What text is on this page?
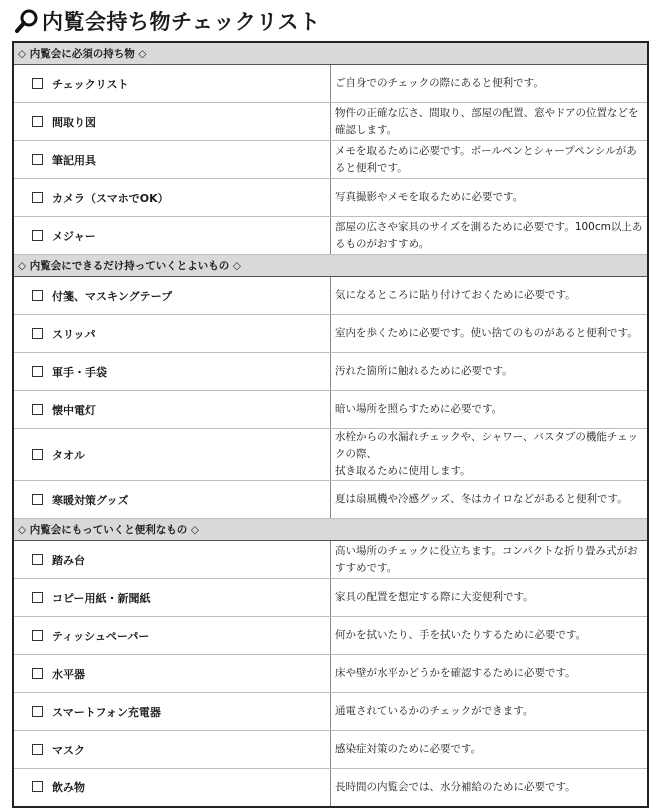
内覧会持ち物チェックリスト
◇ 内覧会に必須の持ち物 ◇	
チェックリスト	ご自身でのチェックの際にあると便利です。
間取り図	物件の正確な広さ、間取り、部屋の配置、窓やドアの位置などを確認します。
筆記用具	メモを取るために必要です。ボールペンとシャープペンシルがあると便利です。
カメラ（スマホでOK）	写真撮影やメモを取るために必要です。
メジャー	部屋の広さや家具のサイズを測るために必要です。100cm以上あるものがおすすめ。
◇ 内覧会にできるだけ持っていくとよいもの ◇	
付箋、マスキングテープ	気になるところに貼り付けておくために必要です。
スリッパ	室内を歩くために必要です。使い捨てのものがあると便利です。
軍手・手袋	汚れた箇所に触れるために必要です。
懐中電灯	暗い場所を照らすために必要です。
タオル	水栓からの水漏れチェックや、シャワー、バスタブの機能チェックの際、
拭き取るために使用します。
寒暖対策グッズ	夏は扇風機や冷感グッズ、冬はカイロなどがあると便利です。
◇ 内覧会にもっていくと便利なもの ◇	
踏み台	高い場所のチェックに役立ちます。コンパクトな折り畳み式がおすすめです。
コピー用紙・新聞紙	家具の配置を想定する際に大変便利です。
ティッシュペーパー	何かを拭いたり、手を拭いたりするために必要です。
水平器	床や壁が水平かどうかを確認するために必要です。
スマートフォン充電器	通電されているかのチェックができます。
マスク	感染症対策のために必要です。
飲み物	長時間の内覧会では、水分補給のために必要です。
